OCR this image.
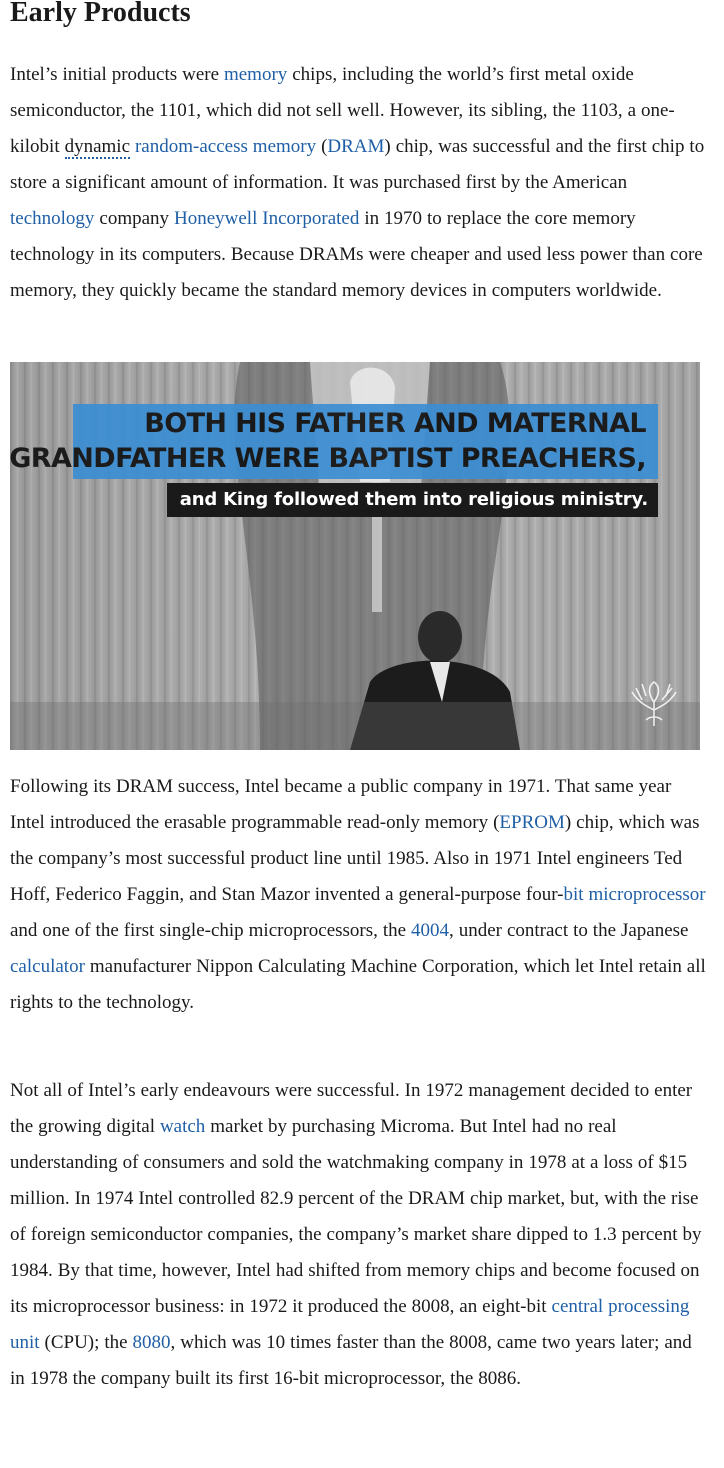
Early Products

Intel’s initial products were memory chips, including the world’s first metal oxide semiconductor, the 1101, which did not sell well. However, its sibling, the 1103, a one-kilobit dynamic random-access memory (DRAM) chip, was successful and the first chip to store a significant amount of information. It was purchased first by the American technology company Honeywell Incorporated in 1970 to replace the core memory technology in its computers. Because DRAMs were cheaper and used less power than core memory, they quickly became the standard memory devices in computers worldwide.

BOTH HIS FATHER AND MATERNAL
GRANDFATHER WERE BAPTIST PREACHERS,
and King followed them into religious ministry.

Following its DRAM success, Intel became a public company in 1971. That same year Intel introduced the erasable programmable read-only memory (EPROM) chip, which was the company’s most successful product line until 1985. Also in 1971 Intel engineers Ted Hoff, Federico Faggin, and Stan Mazor invented a general-purpose four-bit microprocessor and one of the first single-chip microprocessors, the 4004, under contract to the Japanese calculator manufacturer Nippon Calculating Machine Corporation, which let Intel retain all rights to the technology.

Not all of Intel’s early endeavours were successful. In 1972 management decided to enter the growing digital watch market by purchasing Microma. But Intel had no real understanding of consumers and sold the watchmaking company in 1978 at a loss of $15 million. In 1974 Intel controlled 82.9 percent of the DRAM chip market, but, with the rise of foreign semiconductor companies, the company’s market share dipped to 1.3 percent by 1984. By that time, however, Intel had shifted from memory chips and become focused on its microprocessor business: in 1972 it produced the 8008, an eight-bit central processing unit (CPU); the 8080, which was 10 times faster than the 8008, came two years later; and in 1978 the company built its first 16-bit microprocessor, the 8086.
